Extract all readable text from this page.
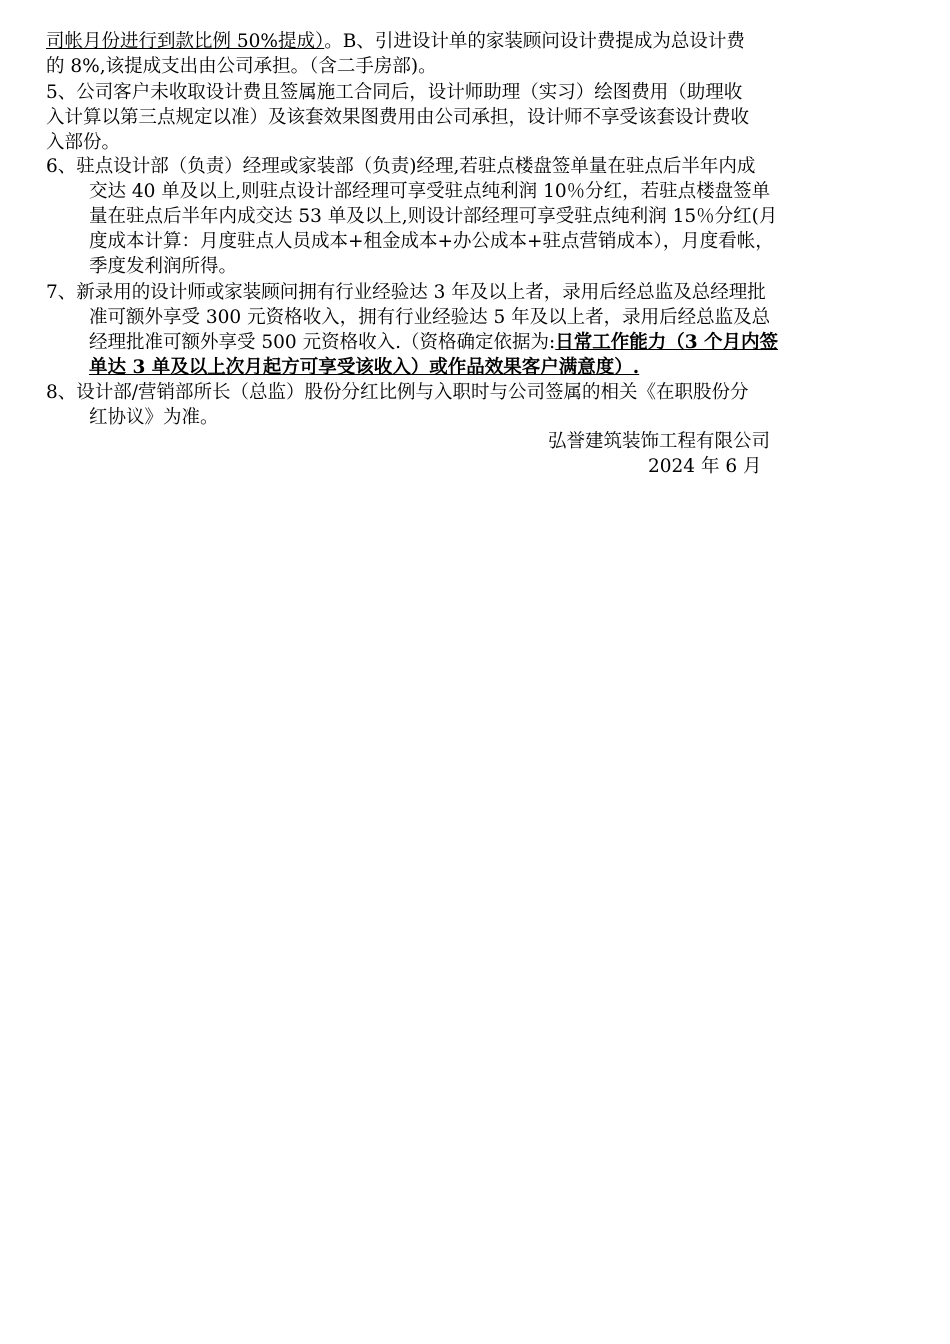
司帐月份进行到款比例 50%提成）。B、引进设计单的家装顾问设计费提成为总设计费
的 8%,该提成支出由公司承担。（含二手房部)。
5、公司客户未收取设计费且签属施工合同后，设计师助理（实习）绘图费用（助理收
入计算以第三点规定以准）及该套效果图费用由公司承担，设计师不享受该套设计费收
入部份。
6、驻点设计部（负责）经理或家装部（负责)经理,若驻点楼盘签单量在驻点后半年内成
交达 40 单及以上,则驻点设计部经理可享受驻点纯利润 10％分红，若驻点楼盘签单
量在驻点后半年内成交达 53 单及以上,则设计部经理可享受驻点纯利润 15％分红(月
度成本计算：月度驻点人员成本+租金成本+办公成本+驻点营销成本），月度看帐，
季度发利润所得。
7、新录用的设计师或家装顾问拥有行业经验达 3 年及以上者，录用后经总监及总经理批
准可额外享受 300 元资格收入，拥有行业经验达 5 年及以上者，录用后经总监及总
经理批准可额外享受 500 元资格收入.（资格确定依据为:日常工作能力（3 个月内签
单达 3 单及以上次月起方可享受该收入）或作品效果客户满意度）.
8、设计部/营销部所长（总监）股份分红比例与入职时与公司签属的相关《在职股份分
红协议》为准。
弘誉建筑装饰工程有限公司
2024 年 6 月
